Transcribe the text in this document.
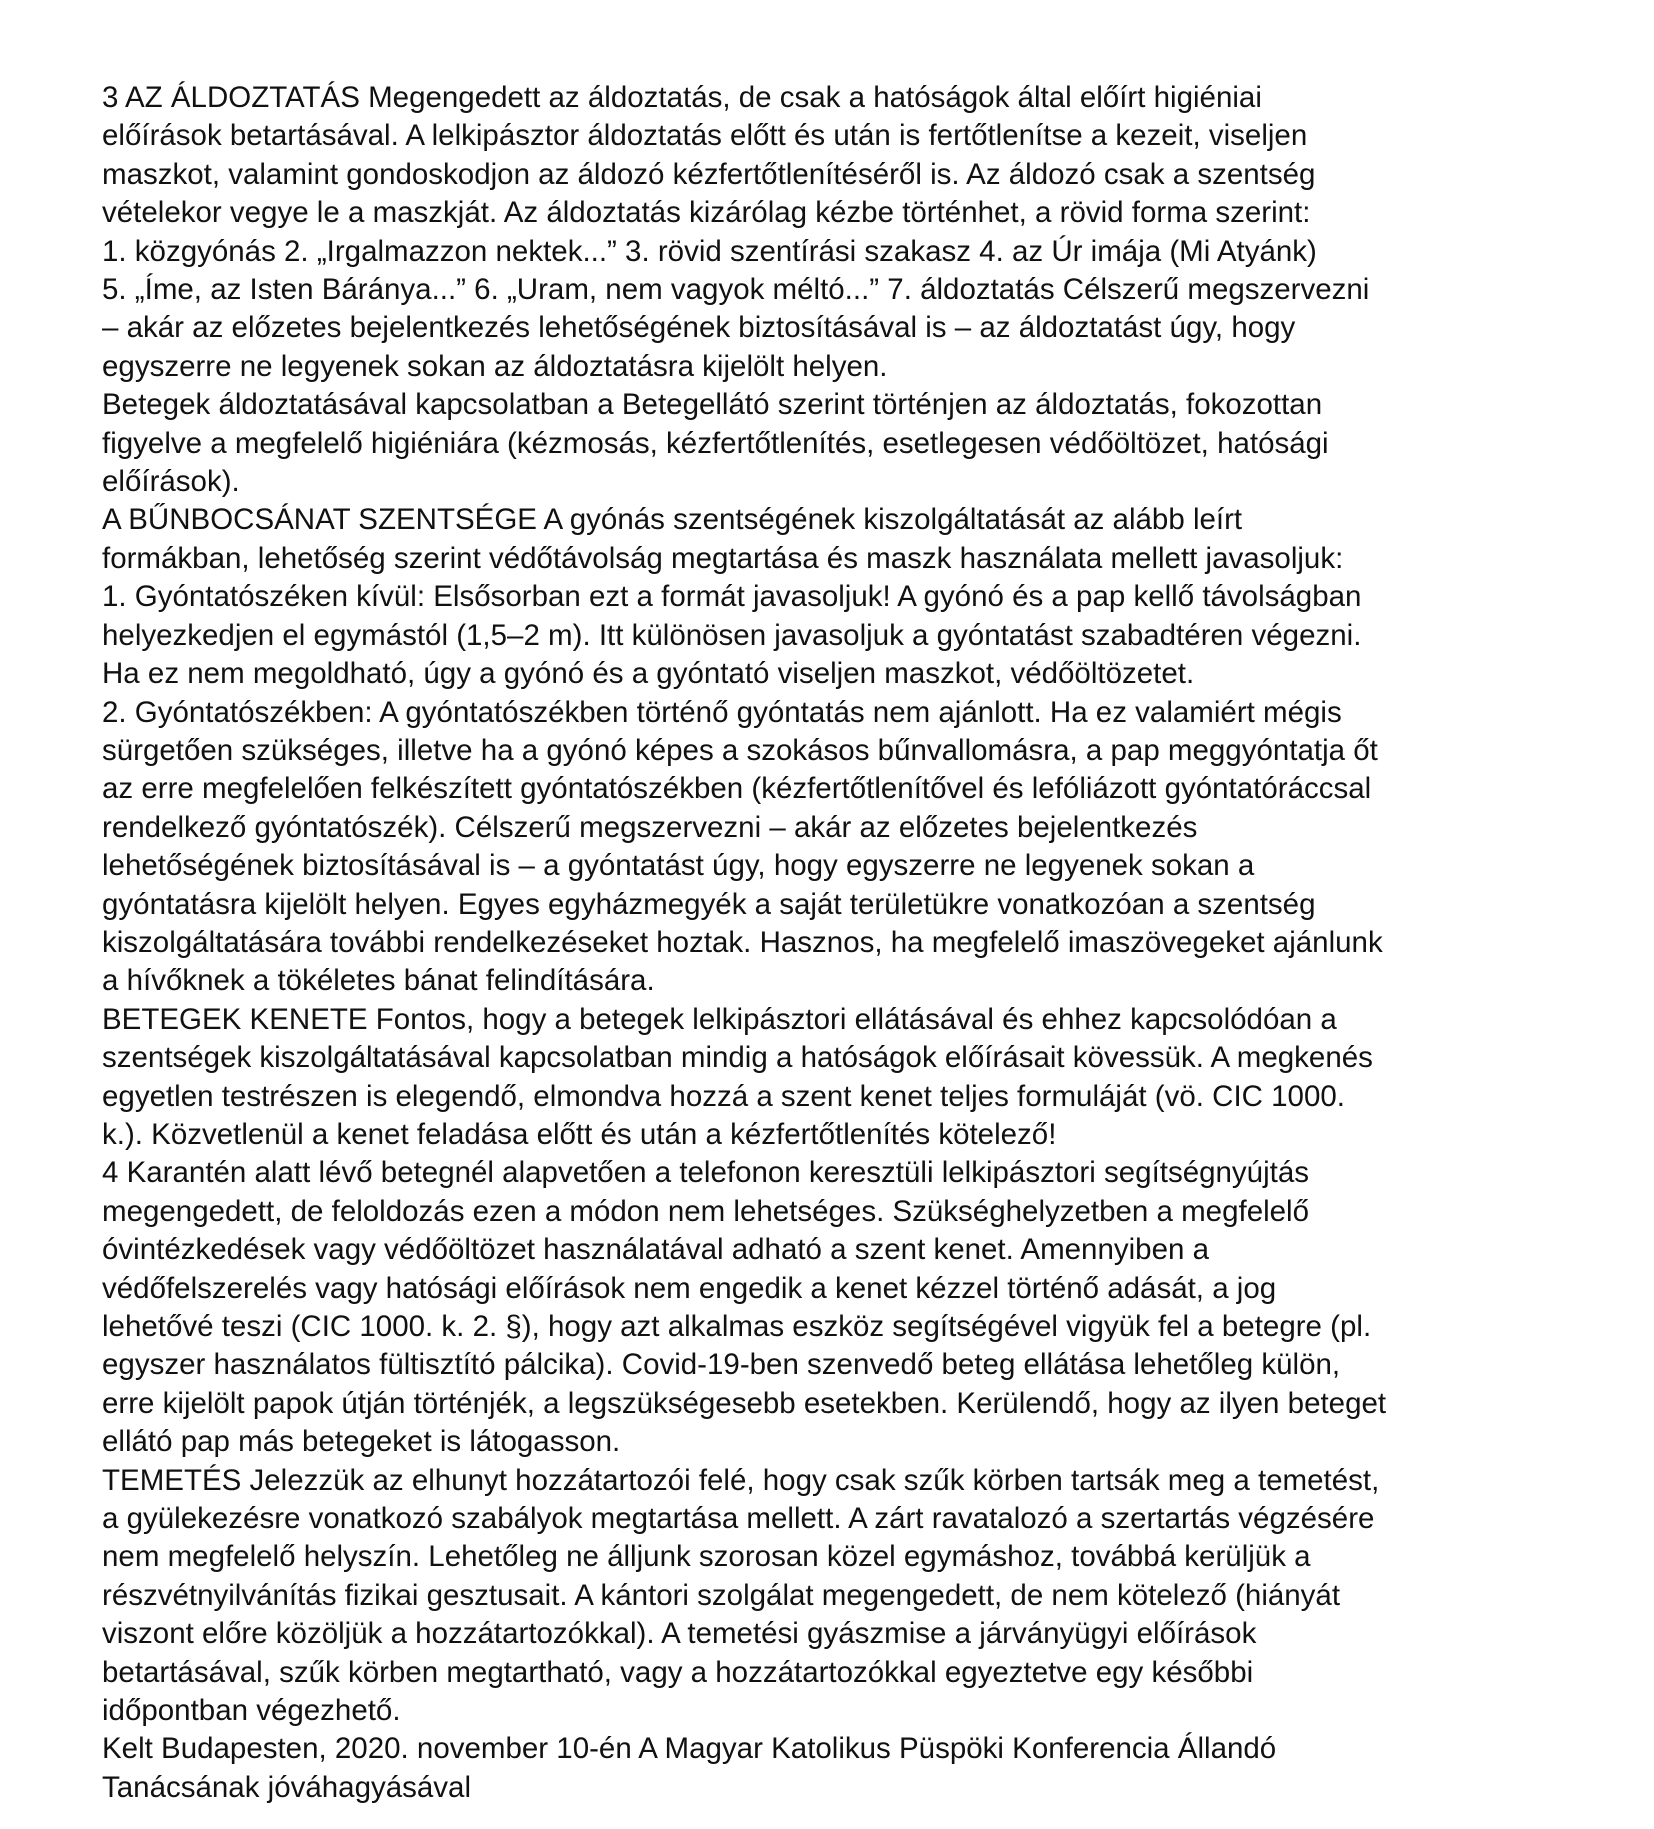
3 AZ ÁLDOZTATÁS Megengedett az áldoztatás, de csak a hatóságok által előírt higiéniai
előírások betartásával. A lelkipásztor áldoztatás előtt és után is fertőtlenítse a kezeit, viseljen
maszkot, valamint gondoskodjon az áldozó kézfertőtlenítéséről is. Az áldozó csak a szentség
vételekor vegye le a maszkját. Az áldoztatás kizárólag kézbe történhet, a rövid forma szerint:
1. közgyónás 2. „Irgalmazzon nektek...” 3. rövid szentírási szakasz 4. az Úr imája (Mi Atyánk)
5. „Íme, az Isten Báránya...” 6. „Uram, nem vagyok méltó...” 7. áldoztatás Célszerű megszervezni
– akár az előzetes bejelentkezés lehetőségének biztosításával is – az áldoztatást úgy, hogy
egyszerre ne legyenek sokan az áldoztatásra kijelölt helyen.
Betegek áldoztatásával kapcsolatban a Betegellátó szerint történjen az áldoztatás, fokozottan
figyelve a megfelelő higiéniára (kézmosás, kézfertőtlenítés, esetlegesen védőöltözet, hatósági
előírások).
A BŰNBOCSÁNAT SZENTSÉGE A gyónás szentségének kiszolgáltatását az alább leírt
formákban, lehetőség szerint védőtávolság megtartása és maszk használata mellett javasoljuk:
1. Gyóntatószéken kívül: Elsősorban ezt a formát javasoljuk! A gyónó és a pap kellő távolságban
helyezkedjen el egymástól (1,5–2 m). Itt különösen javasoljuk a gyóntatást szabadtéren végezni.
Ha ez nem megoldható, úgy a gyónó és a gyóntató viseljen maszkot, védőöltözetet.
2. Gyóntatószékben: A gyóntatószékben történő gyóntatás nem ajánlott. Ha ez valamiért mégis
sürgetően szükséges, illetve ha a gyónó képes a szokásos bűnvallomásra, a pap meggyóntatja őt
az erre megfelelően felkészített gyóntatószékben (kézfertőtlenítővel és lefóliázott gyóntatóráccsal
rendelkező gyóntatószék). Célszerű megszervezni – akár az előzetes bejelentkezés
lehetőségének biztosításával is – a gyóntatást úgy, hogy egyszerre ne legyenek sokan a
gyóntatásra kijelölt helyen. Egyes egyházmegyék a saját területükre vonatkozóan a szentség
kiszolgáltatására további rendelkezéseket hoztak. Hasznos, ha megfelelő imaszövegeket ajánlunk
a hívőknek a tökéletes bánat felindítására.
BETEGEK KENETE Fontos, hogy a betegek lelkipásztori ellátásával és ehhez kapcsolódóan a
szentségek kiszolgáltatásával kapcsolatban mindig a hatóságok előírásait kövessük. A megkenés
egyetlen testrészen is elegendő, elmondva hozzá a szent kenet teljes formuláját (vö. CIC 1000.
k.). Közvetlenül a kenet feladása előtt és után a kézfertőtlenítés kötelező!
4 Karantén alatt lévő betegnél alapvetően a telefonon keresztüli lelkipásztori segítségnyújtás
megengedett, de feloldozás ezen a módon nem lehetséges. Szükséghelyzetben a megfelelő
óvintézkedések vagy védőöltözet használatával adható a szent kenet. Amennyiben a
védőfelszerelés vagy hatósági előírások nem engedik a kenet kézzel történő adását, a jog
lehetővé teszi (CIC 1000. k. 2. §), hogy azt alkalmas eszköz segítségével vigyük fel a betegre (pl.
egyszer használatos fültisztító pálcika). Covid-19-ben szenvedő beteg ellátása lehetőleg külön,
erre kijelölt papok útján történjék, a legszükségesebb esetekben. Kerülendő, hogy az ilyen beteget
ellátó pap más betegeket is látogasson.
TEMETÉS Jelezzük az elhunyt hozzátartozói felé, hogy csak szűk körben tartsák meg a temetést,
a gyülekezésre vonatkozó szabályok megtartása mellett. A zárt ravatalozó a szertartás végzésére
nem megfelelő helyszín. Lehetőleg ne álljunk szorosan közel egymáshoz, továbbá kerüljük a
részvétnyilvánítás fizikai gesztusait. A kántori szolgálat megengedett, de nem kötelező (hiányát
viszont előre közöljük a hozzátartozókkal). A temetési gyászmise a járványügyi előírások
betartásával, szűk körben megtartható, vagy a hozzátartozókkal egyeztetve egy későbbi
időpontban végezhető.
Kelt Budapesten, 2020. november 10-én A Magyar Katolikus Püspöki Konferencia Állandó
Tanácsának jóváhagyásával
